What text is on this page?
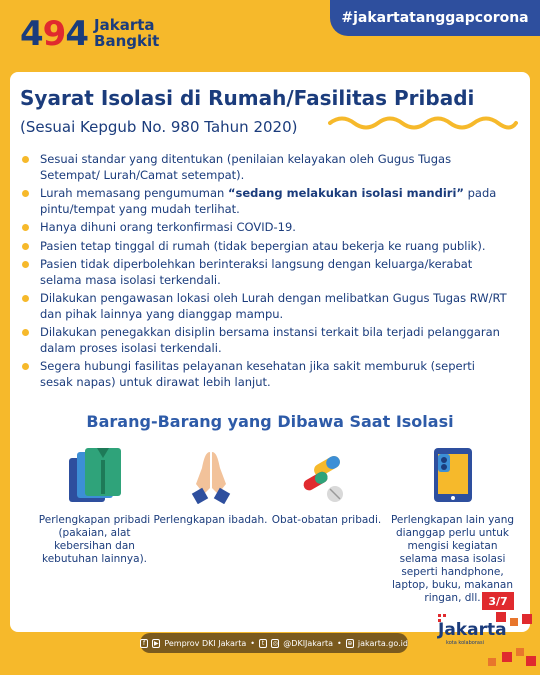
494 Jakarta
Bangkit
#jakartatanggapcorona
Syarat Isolasi di Rumah/Fasilitas Pribadi
(Sesuai Kepgub No. 980 Tahun 2020)
Sesuai standar yang ditentukan (penilaian kelayakan oleh Gugus Tugas Setempat/ Lurah/Camat setempat).
Lurah memasang pengumuman “sedang melakukan isolasi mandiri” pada pintu/tempat yang mudah terlihat.
Hanya dihuni orang terkonfirmasi COVID-19.
Pasien tetap tinggal di rumah (tidak bepergian atau bekerja ke ruang publik).
Pasien tidak diperbolehkan berinteraksi langsung dengan keluarga/kerabat selama masa isolasi terkendali.
Dilakukan pengawasan lokasi oleh Lurah dengan melibatkan Gugus Tugas RW/RT dan pihak lainnya yang dianggap mampu.
Dilakukan penegakkan disiplin bersama instansi terkait bila terjadi pelanggaran dalam proses isolasi terkendali.
Segera hubungi fasilitas pelayanan kesehatan jika sakit memburuk (seperti sesak napas) untuk dirawat lebih lanjut.
Barang-Barang yang Dibawa Saat Isolasi
Perlengkapan pribadi (pakaian, alat kebersihan dan kebutuhan lainnya).
Perlengkapan ibadah. Obat-obatan pribadi. Perlengkapan lain yang dianggap perlu untuk mengisi kegiatan selama masa isolasi seperti handphone, laptop, buku, makanan ringan, dll. 3/7
f	▶ Pemprov DKI Jakarta •	t	◎ @DKIJakarta • ⊕ jakarta.go.id
Jakarta
kota kolaborasi
